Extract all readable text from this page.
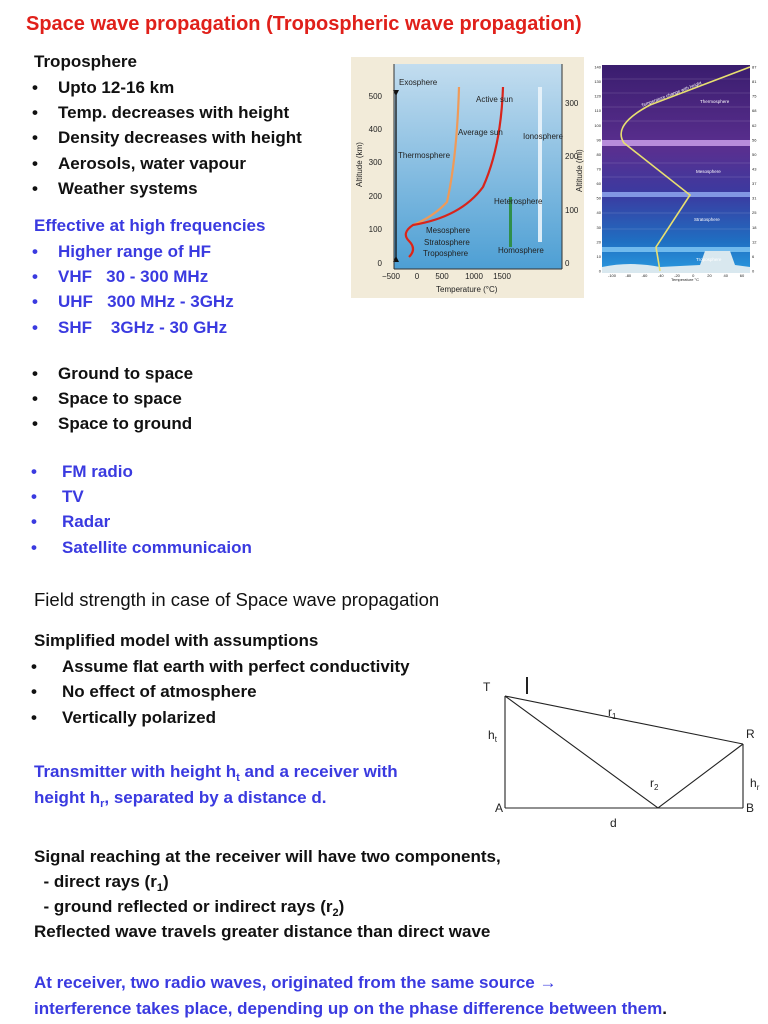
Space wave propagation (Tropospheric wave propagation)
Troposphere
• Upto 12-16 km
• Temp. decreases with height
• Density decreases with height
• Aerosols, water vapour
• Weather systems
Effective at high frequencies
• Higher range of HF
• VHF   30 - 300 MHz
• UHF   300 MHz - 3GHz
• SHF    3GHz - 30 GHz
• Ground to space
• Space to space
• Space to ground
• FM radio
• TV
• Radar
• Satellite communicaion
Field strength in case of Space wave propagation
Simplified model with assumptions
• Assume flat earth with perfect conductivity
• No effect of atmosphere
• Vertically polarized
Transmitter with height $h_t$ and a receiver with
height $h_r$, separated by a distance d.
Signal reaching at the receiver will have two components,
- direct rays $(r_1)$
- ground reflected or indirect rays $(r_2)$
Reflected wave travels greater distance than direct wave
At receiver, two radio waves, originated from the same source →
interference takes place, depending up on the phase difference between them.
Exosphere
Thermosphere
Mesosphere
Stratosphere
Troposphere
Active sun
Average sun	Ionosphere
Heterosphere
Homosphere
Temperature (°C)
Altitude (km)	Altitude (mi)
0
100
200
300
400
500
0
100
200
300
−500 0 500 1000 1500
Thermosphere
Mesosphere
Stratosphere
Troposphere
Temperature change with height
140
130
120
110
100
90
80
70
60
50
40
30
20
10
0
87
81
75
68
62
56
50
43
37
31
25
18
12
6
0
-100 -80	-60	-40	-20	0	20	40	60
Temperature °C
T
R
A	B
d
$h_t$
$h_r$
$r_1$
$r_2$
